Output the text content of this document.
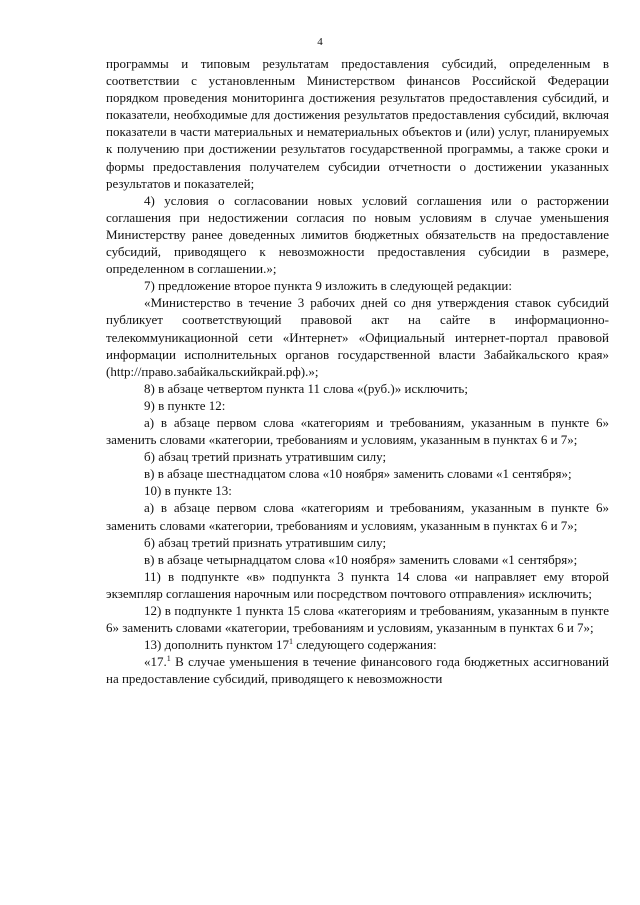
4

программы и типовым результатам предоставления субсидий, определенным в соответствии с установленным Министерством финансов Российской Федерации порядком проведения мониторинга достижения результатов предоставления субсидий, и показатели, необходимые для достижения результатов предоставления субсидий, включая показатели в части материальных и нематериальных объектов и (или) услуг, планируемых к получению при достижении результатов государственной программы, а также сроки и формы предоставления получателем субсидии отчетности о достижении указанных результатов и показателей;

4) условия о согласовании новых условий соглашения или о расторжении соглашения при недостижении согласия по новым условиям в случае уменьшения Министерству ранее доведенных лимитов бюджетных обязательств на предоставление субсидий, приводящего к невозможности предоставления субсидии в размере, определенном в соглашении.»;

7) предложение второе пункта 9 изложить в следующей редакции:

«Министерство в течение 3 рабочих дней со дня утверждения ставок субсидий публикует соответствующий правовой акт на сайте в информационно-телекоммуникационной сети «Интернет» «Официальный интернет-портал правовой информации исполнительных органов государственной власти Забайкальского края» (http://право.забайкальскийкрай.рф).»;

8) в абзаце четвертом пункта 11 слова «(руб.)» исключить;

9) в пункте 12:

а) в абзаце первом слова «категориям и требованиям, указанным в пункте 6» заменить словами «категории, требованиям и условиям, указанным в пунктах 6 и 7»;

б) абзац третий признать утратившим силу;

в) в абзаце шестнадцатом слова «10 ноября» заменить словами «1 сентября»;

10) в пункте 13:

а) в абзаце первом слова «категориям и требованиям, указанным в пункте 6» заменить словами «категории, требованиям и условиям, указанным в пунктах 6 и 7»;

б) абзац третий признать утратившим силу;

в) в абзаце четырнадцатом слова «10 ноября» заменить словами «1 сентября»;

11) в подпункте «в» подпункта 3 пункта 14 слова «и направляет ему второй экземпляр соглашения нарочным или посредством почтового отправления» исключить;

12) в подпункте 1 пункта 15 слова «категориям и требованиям, указанным в пункте 6» заменить словами «категории, требованиям и условиям, указанным в пунктах 6 и 7»;

13) дополнить пунктом $17^1$ следующего содержания:

«17.$^1$ В случае уменьшения в течение финансового года бюджетных ассигнований на предоставление субсидий, приводящего к невозможности
